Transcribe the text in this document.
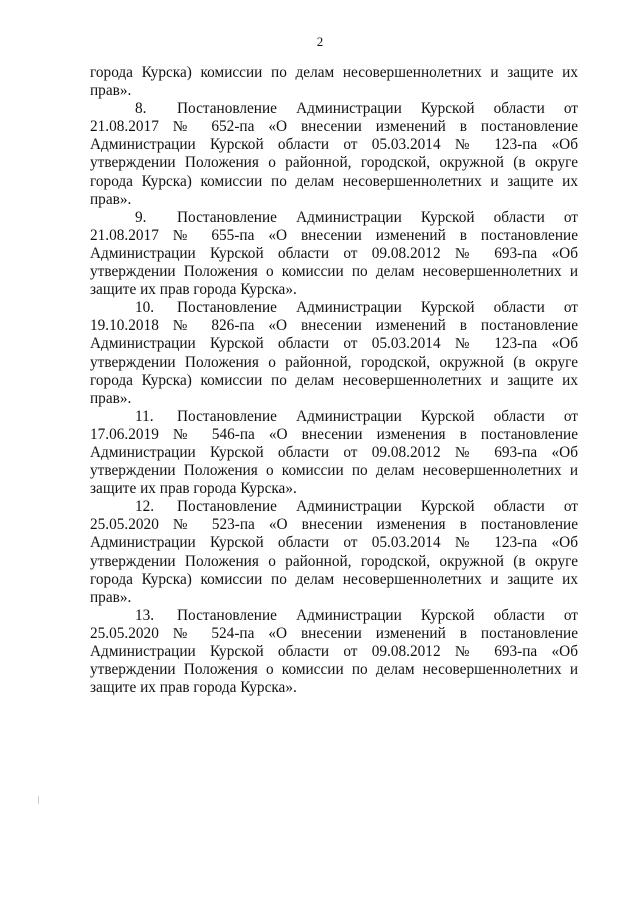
2

города Курска) комиссии по делам несовершеннолетних и защите их прав».

8. Постановление Администрации Курской области от 21.08.2017 № 652-па «О внесении изменений в постановление Администрации Курской области от 05.03.2014 № 123-па «Об утверждении Положения о районной, городской, окружной (в округе города Курска) комиссии по делам несовершеннолетних и защите их прав».

9. Постановление Администрации Курской области от 21.08.2017 № 655-па «О внесении изменений в постановление Администрации Курской области от 09.08.2012 № 693-па «Об утверждении Положения о комиссии по делам несовершеннолетних и защите их прав города Курска».

10. Постановление Администрации Курской области от 19.10.2018 № 826-па «О внесении изменений в постановление Администрации Курской области от 05.03.2014 № 123-па «Об утверждении Положения о районной, городской, окружной (в округе города Курска) комиссии по делам несовершеннолетних и защите их прав».

11. Постановление Администрации Курской области от 17.06.2019 № 546-па «О внесении изменения в постановление Администрации Курской области от 09.08.2012 № 693-па «Об утверждении Положения о комиссии по делам несовершеннолетних и защите их прав города Курска».

12. Постановление Администрации Курской области от 25.05.2020 № 523-па «О внесении изменения в постановление Администрации Курской области от 05.03.2014 № 123-па «Об утверждении Положения о районной, городской, окружной (в округе города Курска) комиссии по делам несовершеннолетних и защите их прав».

13. Постановление Администрации Курской области от 25.05.2020 № 524-па «О внесении изменений в постановление Администрации Курской области от 09.08.2012 № 693-па «Об утверждении Положения о комиссии по делам несовершеннолетних и защите их прав города Курска».
